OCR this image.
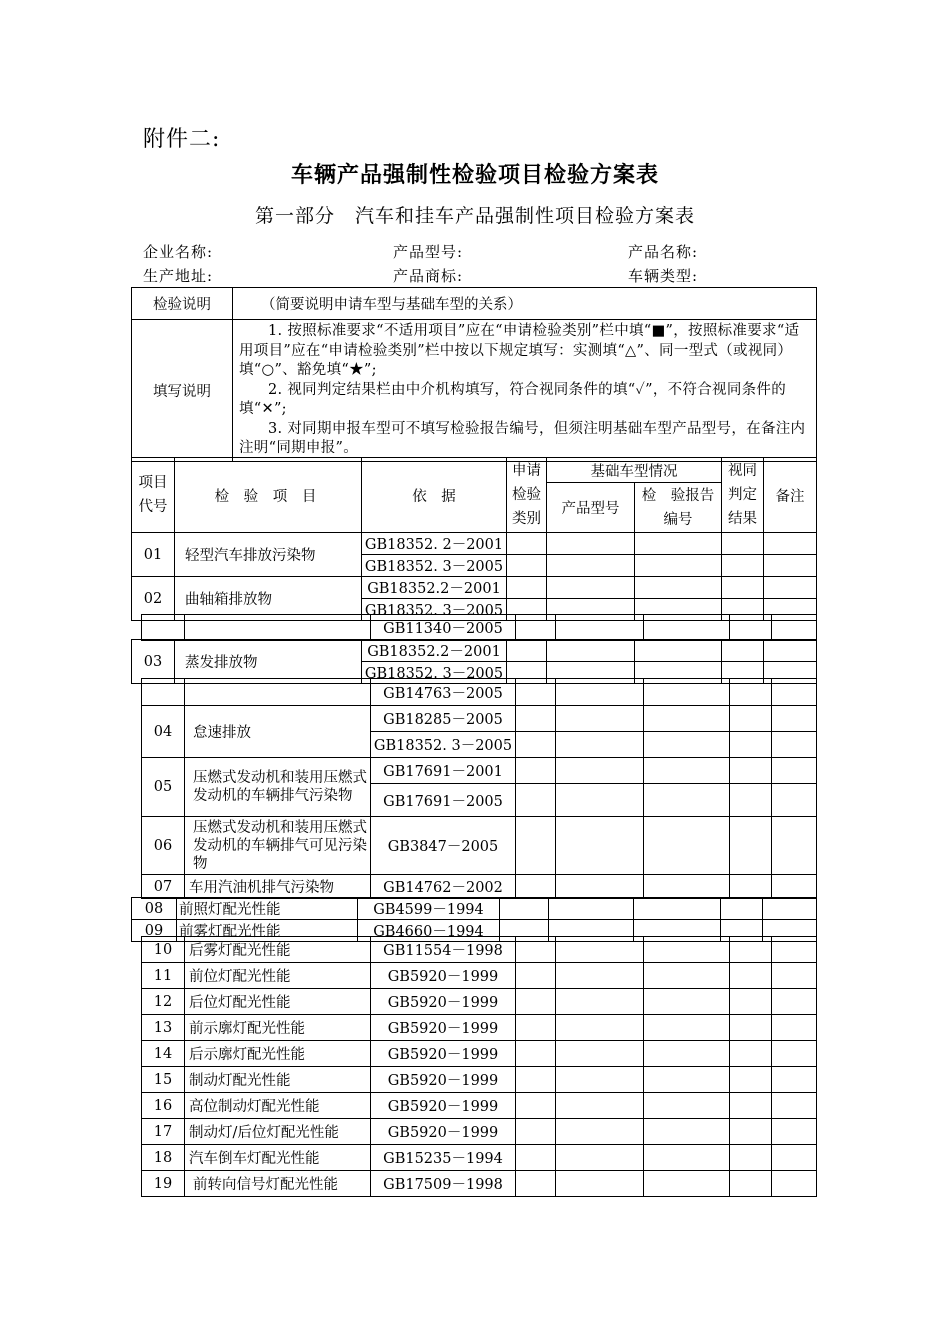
附件二:
车辆产品强制性检验项目检验方案表
第一部分　汽车和挂车产品强制性项目检验方案表
企业名称:	产品型号:	产品名称:
生产地址:	产品商标:	车辆类型:
检验说明	（简要说明申请车型与基础车型的关系）
填写说明	1. 按照标准要求“不适用项目”应在“申请检验类别”栏中填“■”，按照标准要求“适用项目”应在“申请检验类别”栏中按以下规定填写：实测填“△”、同一型式（或视同）填“○”、豁免填“★”;
2. 视同判定结果栏由中介机构填写，符合视同条件的填“✓”，不符合视同条件的填“✕”;
3. 对同期申报车型可不填写检验报告编号，但须注明基础车型产品型号，在备注内注明“同期申报”。
项目代号	检 验 项 目	依　据	申请检验类别	基础车型情况		视同判定结果	备注
				产品型号	检　验报告编号		
01	轻型汽车排放污染物	GB18352. 2－2001					
		GB18352. 3－2005					
02	曲轴箱排放物	GB18352.2－2001					
		GB18352. 3－2005					
		GB11340－2005					
03	蒸发排放物	GB18352.2－2001					
		GB18352. 3－2005					
		GB14763－2005					
04	怠速排放	GB18285－2005					
		GB18352. 3－2005					
05	压燃式发动机和装用压燃式发动机的车辆排气污染物	GB17691－2001					
		GB17691－2005					
06	压燃式发动机和装用压燃式发动机的车辆排气可见污染物	GB3847－2005					
07	车用汽油机排气污染物	GB14762－2002					
08	前照灯配光性能	GB4599－1994					
09	前雾灯配光性能	GB4660－1994					
10	后雾灯配光性能	GB11554－1998					
11	前位灯配光性能	GB5920－1999					
12	后位灯配光性能	GB5920－1999					
13	前示廓灯配光性能	GB5920－1999					
14	后示廓灯配光性能	GB5920－1999					
15	制动灯配光性能	GB5920－1999					
16	高位制动灯配光性能	GB5920－1999					
17	制动灯/后位灯配光性能	GB5920－1999					
18	汽车倒车灯配光性能	GB15235－1994					
19	前转向信号灯配光性能	GB17509－1998					
